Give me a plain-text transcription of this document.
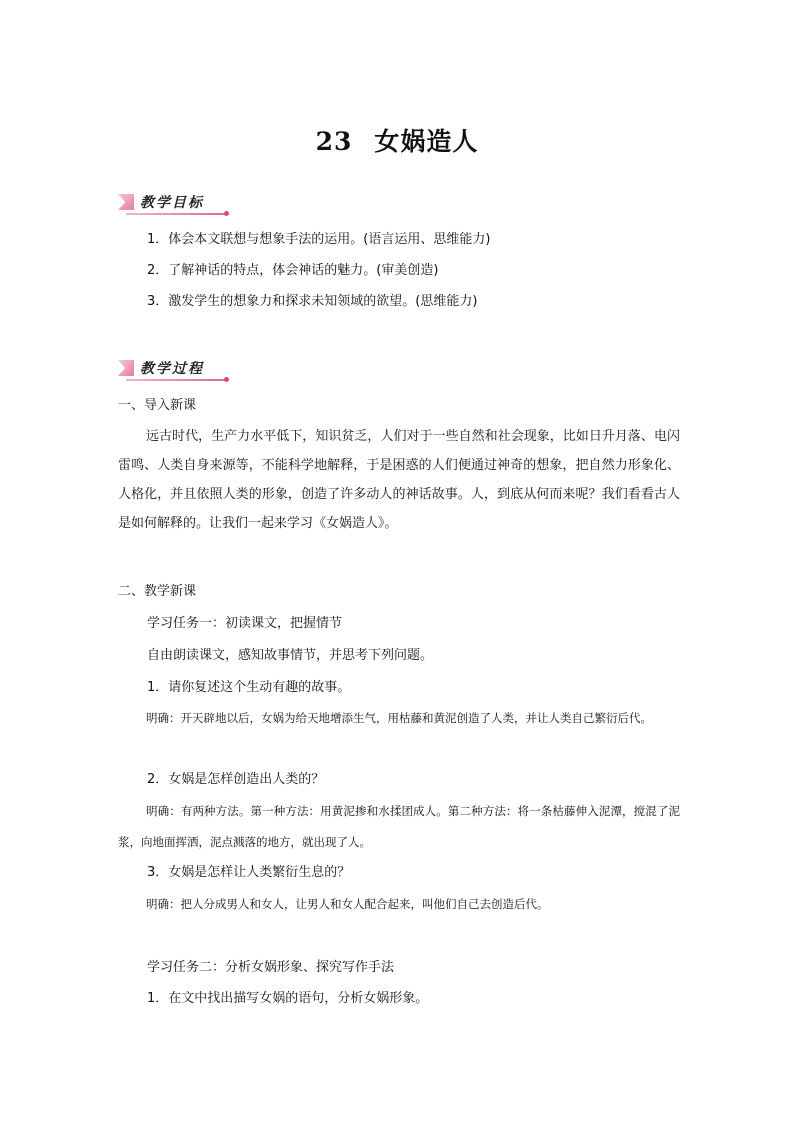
23 女娲造人
教学目标
1．体会本文联想与想象手法的运用。(语言运用、思维能力)
2．了解神话的特点，体会神话的魅力。(审美创造)
3．激发学生的想象力和探求未知领域的欲望。(思维能力)
教学过程
一、导入新课
远古时代，生产力水平低下，知识贫乏，人们对于一些自然和社会现象，比如日升月落、电闪雷鸣、人类自身来源等，不能科学地解释，于是困惑的人们便通过神奇的想象，把自然力形象化、人格化，并且依照人类的形象，创造了许多动人的神话故事。人，到底从何而来呢？我们看看古人是如何解释的。让我们一起来学习《女娲造人》。
二、教学新课
学习任务一：初读课文，把握情节
自由朗读课文，感知故事情节，并思考下列问题。
1．请你复述这个生动有趣的故事。
明确：开天辟地以后，女娲为给天地增添生气，用枯藤和黄泥创造了人类，并让人类自己繁衍后代。
2．女娲是怎样创造出人类的？
明确：有两种方法。第一种方法：用黄泥掺和水揉团成人。第二种方法：将一条枯藤伸入泥潭，搅混了泥浆，向地面挥洒，泥点溅落的地方，就出现了人。
3．女娲是怎样让人类繁衍生息的？
明确：把人分成男人和女人，让男人和女人配合起来，叫他们自己去创造后代。
学习任务二：分析女娲形象、探究写作手法
1．在文中找出描写女娲的语句，分析女娲形象。
